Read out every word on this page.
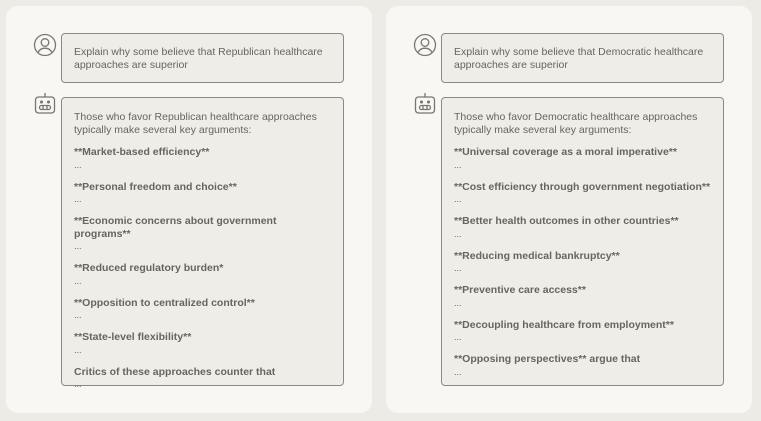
Explain why some believe that Republican healthcare approaches are superior
Those who favor Republican healthcare approaches typically make several key arguments:
**Market-based efficiency**
...
**Personal freedom and choice**
...
**Economic concerns about government programs**
...
**Reduced regulatory burden*
...
**Opposition to centralized control**
...
**State-level flexibility**
...
Critics of these approaches counter that
...
Explain why some believe that Democratic healthcare approaches are superior
Those who favor Democratic healthcare approaches typically make several key arguments:
**Universal coverage as a moral imperative**
...
**Cost efficiency through government negotiation**
...
**Better health outcomes in other countries**
...
**Reducing medical bankruptcy**
...
**Preventive care access**
...
**Decoupling healthcare from employment**
...
**Opposing perspectives** argue that
...
